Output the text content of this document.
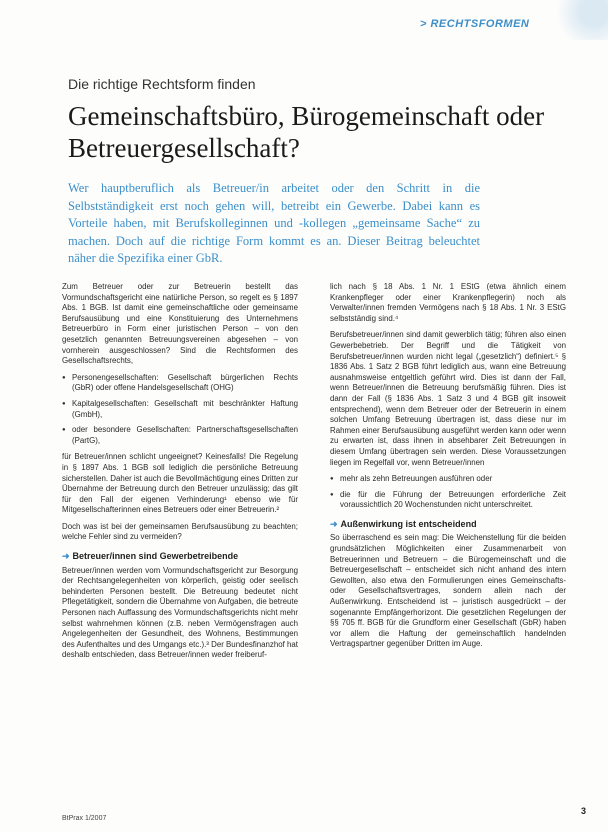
> RECHTSFORMEN
Die richtige Rechtsform finden
Gemeinschaftsbüro, Bürogemeinschaft oder Betreuergesellschaft?

Wer hauptberuflich als Betreuer/in arbeitet oder den Schritt in die Selbstständigkeit erst noch gehen will, betreibt ein Gewerbe. Dabei kann es Vorteile haben, mit Berufskolleginnen und -kollegen „gemeinsame Sache“ zu machen. Doch auf die richtige Form kommt es an. Dieser Beitrag beleuchtet näher die Spezifika einer GbR.

Zum Betreuer oder zur Betreuerin bestellt das Vormundschaftsgericht eine natürliche Person, so regelt es § 1897 Abs. 1 BGB. Ist damit eine gemeinschaftliche oder gemeinsame Berufsausübung und eine Konstituierung des Unternehmens Betreuerbüro in Form einer juristischen Person – von den gesetzlich genannten Betreuungsvereinen abgesehen – von vornherein ausgeschlossen? Sind die Rechtsformen des Gesellschaftsrechts,

● Personengesellschaften: Gesellschaft bürgerlichen Rechts (GbR) oder offene Handelsgesellschaft (OHG)
● Kapitalgesellschaften: Gesellschaft mit beschränkter Haftung (GmbH),
● oder besondere Gesellschaften: Partnerschaftsgesellschaften (PartG),

für Betreuer/innen schlicht ungeeignet? Keinesfalls! Die Regelung in § 1897 Abs. 1 BGB soll lediglich die persönliche Betreuung sicherstellen. Daher ist auch die Bevollmächtigung eines Dritten zur Übernahme der Betreuung durch den Betreuer unzulässig; das gilt für den Fall der eigenen Verhinderung¹ ebenso wie für Mitgesellschafterinnen eines Betreuers oder einer Betreuerin.²

Doch was ist bei der gemeinsamen Berufsausübung zu beachten; welche Fehler sind zu vermeiden?

➜ Betreuer/innen sind Gewerbetreibende

Betreuer/innen werden vom Vormundschaftsgericht zur Besorgung der Rechtsangelegenheiten von körperlich, geistig oder seelisch behinderten Personen bestellt. Die Betreuung bedeutet nicht Pflegetätigkeit, sondern die Übernahme von Aufgaben, die betreute Personen nach Auffassung des Vormundschaftsgerichts nicht mehr selbst wahrnehmen können (z.B. neben Vermögensfragen auch Angelegenheiten der Gesundheit, des Wohnens, Bestimmungen des Aufenthaltes und des Umgangs etc.).³ Der Bundesfinanzhof hat deshalb entschieden, dass Betreuer/innen weder freiberuf-

lich nach § 18 Abs. 1 Nr. 1 EStG (etwa ähnlich einem Krankenpfleger oder einer Krankenpflegerin) noch als Verwalter/innen fremden Vermögens nach § 18 Abs. 1 Nr. 3 EStG selbstständig sind.⁴

Berufsbetreuer/innen sind damit gewerblich tätig; führen also einen Gewerbebetrieb. Der Begriff und die Tätigkeit von Berufsbetreuer/innen wurden nicht legal („gesetzlich“) definiert.⁵ § 1836 Abs. 1 Satz 2 BGB führt lediglich aus, wann eine Betreuung ausnahmsweise entgeltlich geführt wird. Dies ist dann der Fall, wenn Betreuer/innen die Betreuung berufsmäßig führen. Dies ist dann der Fall (§ 1836 Abs. 1 Satz 3 und 4 BGB gilt insoweit entsprechend), wenn dem Betreuer oder der Betreuerin in einem solchen Umfang Betreuung übertragen ist, dass diese nur im Rahmen einer Berufsausübung ausgeführt werden kann oder wenn zu erwarten ist, dass ihnen in absehbarer Zeit Betreuungen in diesem Umfang übertragen sein werden. Diese Voraussetzungen liegen im Regelfall vor, wenn Betreuer/innen

● mehr als zehn Betreuungen ausführen oder
● die für die Führung der Betreuungen erforderliche Zeit voraussichtlich 20 Wochenstunden nicht unterschreitet.
➜ Außenwirkung ist entscheidend

So überraschend es sein mag: Die Weichenstellung für die beiden grundsätzlichen Möglichkeiten einer Zusammenarbeit von Betreuerinnen und Betreuern – die Bürogemeinschaft und die Betreuergesellschaft – entscheidet sich nicht anhand des intern Gewollten, also etwa den Formulierungen eines Gemeinschafts- oder Gesellschaftsvertrages, sondern allein nach der Außenwirkung. Entscheidend ist – juristisch ausgedrückt – der sogenannte Empfängerhorizont. Die gesetzlichen Regelungen der §§ 705 ff. BGB für die Grundform einer Gesellschaft (GbR) haben vor allem die Haftung der gemeinschaftlich handelnden Vertragspartner gegenüber Dritten im Auge.

BtPrax 1/2007
3
